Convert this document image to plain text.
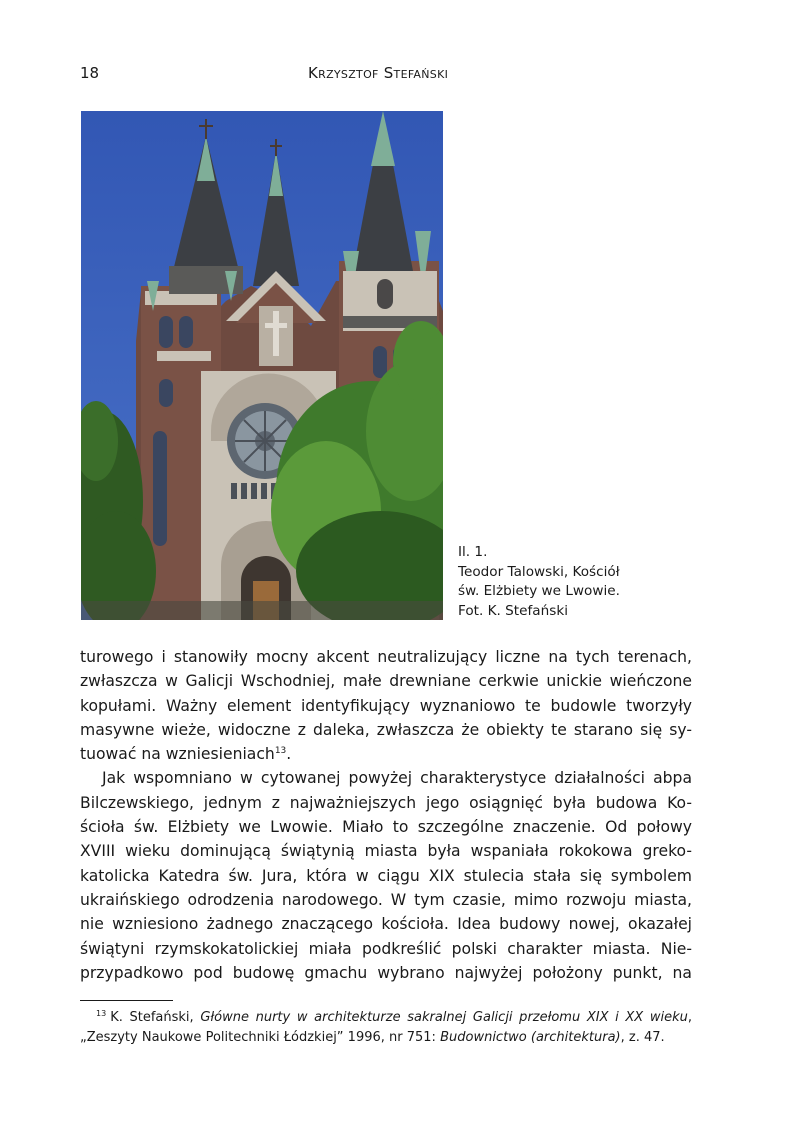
18	Krzysztof Stefański
Il. 1.
Teodor Talowski, Kościół
św. Elżbiety we Lwowie.
Fot. K. Stefański

turowego i stanowiły mocny akcent neutralizujący liczne na tych terenach,
zwłaszcza w Galicji Wschodniej, małe drewniane cerkwie unickie wieńczone
kopułami. Ważny element identyfikujący wyznaniowo te budowle tworzyły
masywne wieże, widoczne z daleka, zwłaszcza że obiekty te starano się sy-
tuować na wzniesieniach$^{13}$.

Jak wspomniano w cytowanej powyżej charakterystyce działalności abpa
Bilczewskiego, jednym z najważniejszych jego osiągnięć była budowa Ko-
ścioła św. Elżbiety we Lwowie. Miało to szczególne znaczenie. Od połowy
XVIII wieku dominującą świątynią miasta była wspaniała rokokowa greko-
katolicka Katedra św. Jura, która w ciągu XIX stulecia stała się symbolem
ukraińskiego odrodzenia narodowego. W tym czasie, mimo rozwoju miasta,
nie wzniesiono żadnego znaczącego kościoła. Idea budowy nowej, okazałej
świątyni rzymskokatolickiej miała podkreślić polski charakter miasta. Nie-
przypadkowo pod budowę gmachu wybrano najwyżej położony punkt, na

$^{13}$ K. Stefański, Główne nurty w architekturze sakralnej Galicji przełomu XIX i XX wieku,
„Zeszyty Naukowe Politechniki Łódzkiej” 1996, nr 751: Budownictwo (architektura), z. 47.
